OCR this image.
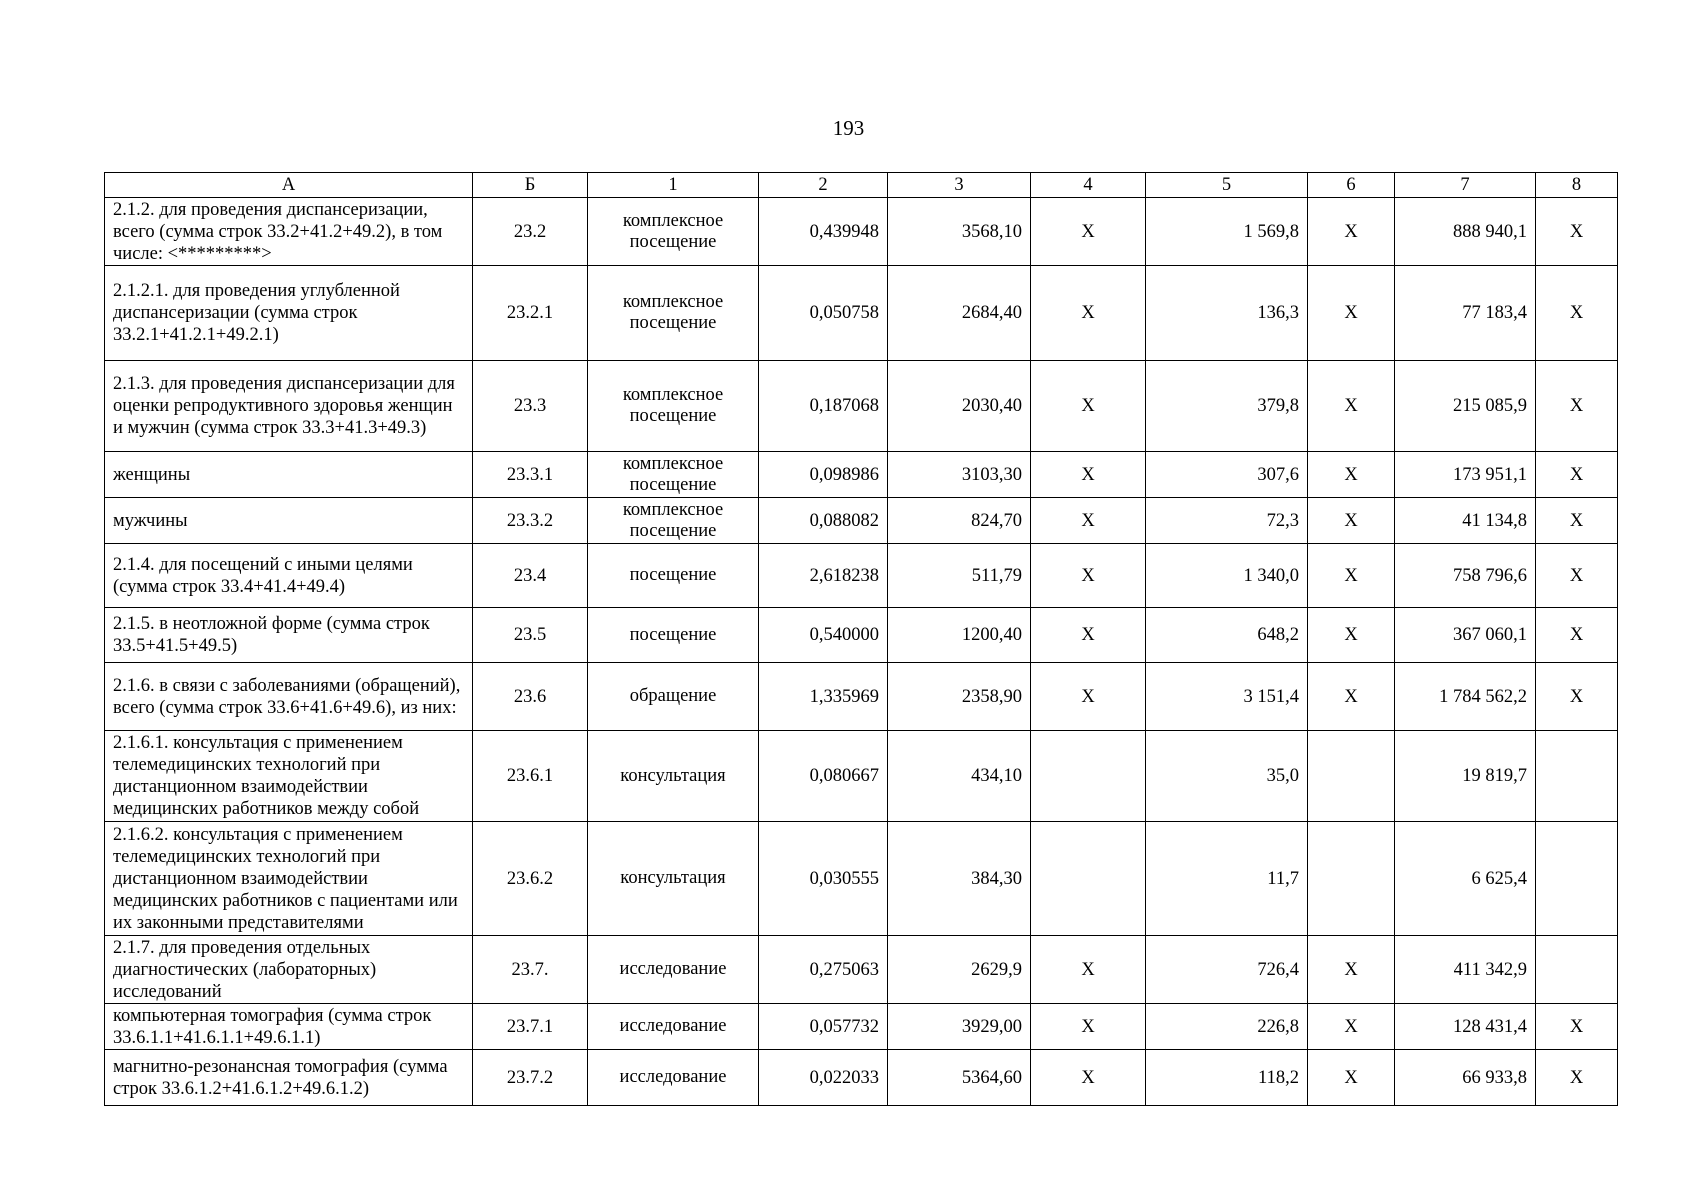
193
А	Б	1	2	3	4	5	6	7	8
2.1.2. для проведения диспансеризации, всего (сумма строк 33.2+41.2+49.2), в том числе: <*********>	23.2	комплексное посещение	0,439948	3568,10	X	1 569,8	X	888 940,1	X
2.1.2.1. для проведения углубленной диспансеризации (сумма строк 33.2.1+41.2.1+49.2.1)	23.2.1	комплексное посещение	0,050758	2684,40	X	136,3	X	77 183,4	X
2.1.3. для проведения диспансеризации для оценки репродуктивного здоровья женщин и мужчин (сумма строк 33.3+41.3+49.3)	23.3	комплексное посещение	0,187068	2030,40	X	379,8	X	215 085,9	X
женщины	23.3.1	комплексное посещение	0,098986	3103,30	X	307,6	X	173 951,1	X
мужчины	23.3.2	комплексное посещение	0,088082	824,70	X	72,3	X	41 134,8	X
2.1.4. для посещений с иными целями (сумма строк 33.4+41.4+49.4)	23.4	посещение	2,618238	511,79	X	1 340,0	X	758 796,6	X
2.1.5. в неотложной форме (сумма строк 33.5+41.5+49.5)	23.5	посещение	0,540000	1200,40	X	648,2	X	367 060,1	X
2.1.6. в связи с заболеваниями (обращений), всего (сумма строк 33.6+41.6+49.6), из них:	23.6	обращение	1,335969	2358,90	X	3 151,4	X	1 784 562,2	X
2.1.6.1. консультация с применением телемедицинских технологий при дистанционном взаимодействии медицинских работников между собой	23.6.1	консультация	0,080667	434,10		35,0		19 819,7	
2.1.6.2. консультация с применением телемедицинских технологий при дистанционном взаимодействии медицинских работников с пациентами или их законными представителями	23.6.2	консультация	0,030555	384,30		11,7		6 625,4	
2.1.7. для проведения отдельных диагностических (лабораторных) исследований	23.7.	исследование	0,275063	2629,9	X	726,4	X	411 342,9	
компьютерная томография (сумма строк 33.6.1.1+41.6.1.1+49.6.1.1)	23.7.1	исследование	0,057732	3929,00	X	226,8	X	128 431,4	X
магнитно-резонансная томография (сумма строк 33.6.1.2+41.6.1.2+49.6.1.2)	23.7.2	исследование	0,022033	5364,60	X	118,2	X	66 933,8	X
